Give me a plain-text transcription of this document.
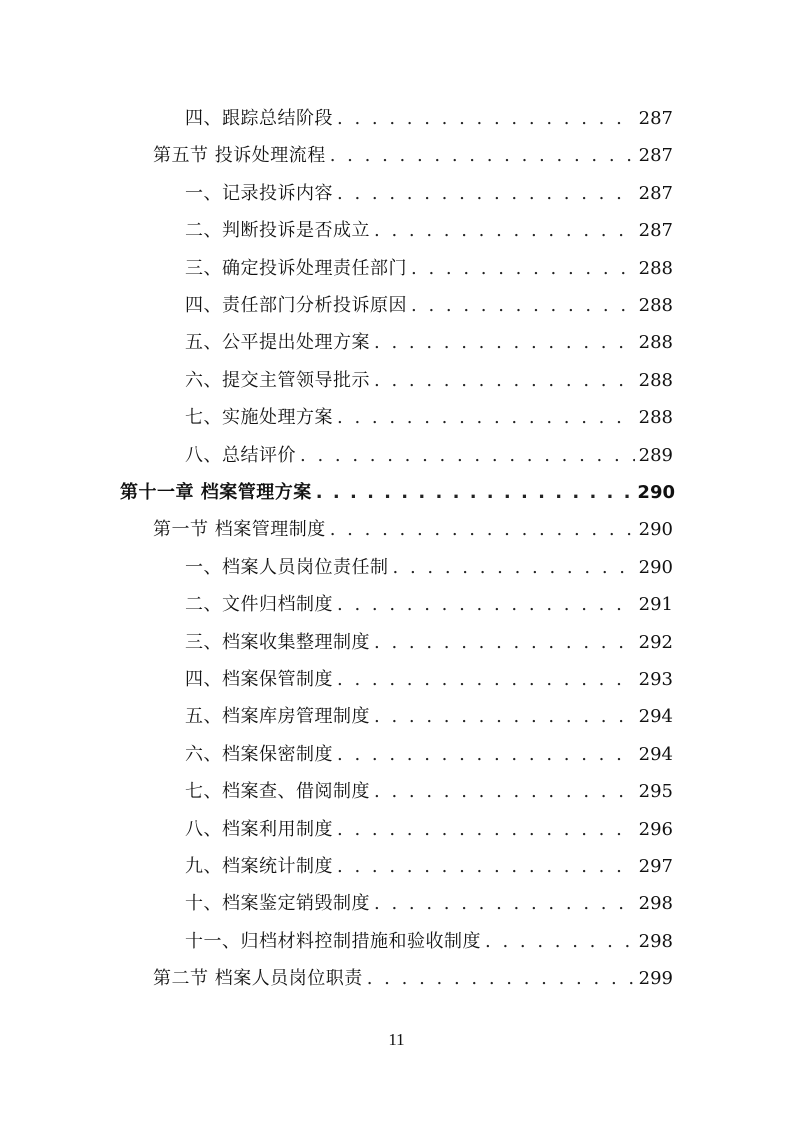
四、跟踪总结阶段 . . .	287
第五节 投诉处理流程 . . .	287
一、记录投诉内容 . . .	287
二、判断投诉是否成立 . . .	287
三、确定投诉处理责任部门 . . .	288
四、责任部门分析投诉原因 . . .	288
五、公平提出处理方案 . . .	288
六、提交主管领导批示 . . .	288
七、实施处理方案 . . .	288
八、总结评价 . . .	289
第十一章 档案管理方案 . . .	290
第一节 档案管理制度 . . .	290
一、档案人员岗位责任制 . . .	290
二、文件归档制度 . . .	291
三、档案收集整理制度 . . .	292
四、档案保管制度 . . .	293
五、档案库房管理制度 . . .	294
六、档案保密制度 . . .	294
七、档案查、借阅制度 . . .	295
八、档案利用制度 . . .	296
九、档案统计制度 . . .	297
十、档案鉴定销毁制度 . . .	298
十一、归档材料控制措施和验收制度 . . .	298
第二节 档案人员岗位职责 . . .	299
11
